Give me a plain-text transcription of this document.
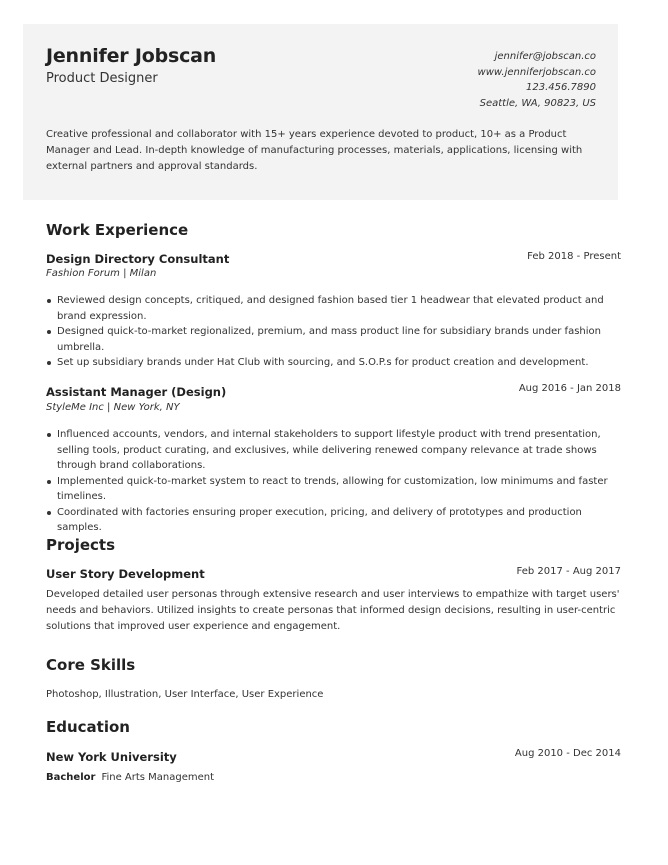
Jennifer Jobscan
Product Designer
jennifer@jobscan.co
www.jenniferjobscan.co
123.456.7890
Seattle, WA, 90823, US
Creative professional and collaborator with 15+ years experience devoted to product, 10+ as a Product Manager and Lead. In-depth knowledge of manufacturing processes, materials, applications, licensing with external partners and approval standards.
Work Experience
Design Directory Consultant
Fashion Forum | Milan
Feb 2018 - Present
Reviewed design concepts, critiqued, and designed fashion based tier 1 headwear that elevated product and brand expression.
Designed quick-to-market regionalized, premium, and mass product line for subsidiary brands under fashion umbrella.
Set up subsidiary brands under Hat Club with sourcing, and S.O.P.s for product creation and development.
Assistant Manager (Design)
StyleMe Inc | New York, NY
Aug 2016 - Jan 2018
Influenced accounts, vendors, and internal stakeholders to support lifestyle product with trend presentation, selling tools, product curating, and exclusives, while delivering renewed company relevance at trade shows through brand collaborations.
Implemented quick-to-market system to react to trends, allowing for customization, low minimums and faster timelines.
Coordinated with factories ensuring proper execution, pricing, and delivery of prototypes and production samples.
Projects
User Story Development	Feb 2017 - Aug 2017
Developed detailed user personas through extensive research and user interviews to empathize with target users' needs and behaviors. Utilized insights to create personas that informed design decisions, resulting in user-centric solutions that improved user experience and engagement.
Core Skills
Photoshop, Illustration, User Interface, User Experience
Education
New York University	Aug 2010 - Dec 2014
Bachelor Fine Arts Management
